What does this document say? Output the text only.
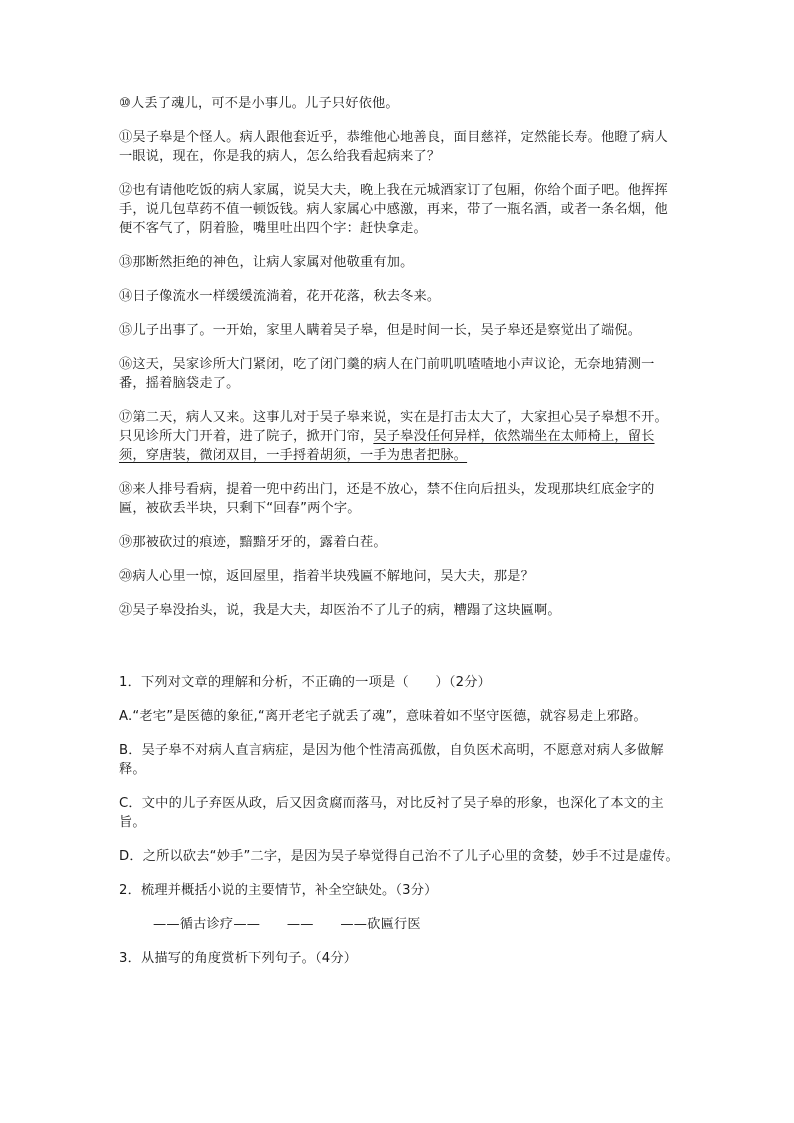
⑩人丢了魂儿，可不是小事儿。儿子只好依他。

⑪吴子皋是个怪人。病人跟他套近乎，恭维他心地善良，面目慈祥，定然能长寿。他瞪了病人一眼说，现在，你是我的病人，怎么给我看起病来了？

⑫也有请他吃饭的病人家属，说吴大夫，晚上我在元城酒家订了包厢，你给个面子吧。他挥挥手，说几包草药不值一顿饭钱。病人家属心中感激，再来，带了一瓶名酒，或者一条名烟，他便不客气了，阴着脸，嘴里吐出四个字：赶快拿走。

⑬那断然拒绝的神色，让病人家属对他敬重有加。

⑭日子像流水一样缓缓流淌着，花开花落，秋去冬来。

⑮儿子出事了。一开始，家里人瞒着吴子皋，但是时间一长，吴子皋还是察觉出了端倪。

⑯这天，吴家诊所大门紧闭，吃了闭门羹的病人在门前叽叽喳喳地小声议论，无奈地猜测一番，摇着脑袋走了。

⑰第二天，病人又来。这事儿对于吴子皋来说，实在是打击太大了，大家担心吴子皋想不开。只见诊所大门开着，进了院子，掀开门帘，吴子皋没任何异样，依然端坐在太师椅上，留长须，穿唐装，微闭双目，一手捋着胡须，一手为患者把脉。

⑱来人排号看病，提着一兜中药出门，还是不放心，禁不住向后扭头，发现那块红底金字的匾，被砍丢半块，只剩下“回春”两个字。

⑲那被砍过的痕迹，黯黯牙牙的，露着白茬。

⑳病人心里一惊，返回屋里，指着半块残匾不解地问，吴大夫，那是？

㉑吴子皋没抬头，说，我是大夫，却医治不了儿子的病，糟蹋了这块匾啊。

1．下列对文章的理解和分析，不正确的一项是（　　）（2分）

A.“老宅”是医德的象征,“离开老宅子就丢了魂”，意味着如不坚守医德，就容易走上邪路。

B．吴子皋不对病人直言病症，是因为他个性清高孤傲，自负医术高明，不愿意对病人多做解释。

C．文中的儿子弃医从政，后又因贪腐而落马，对比反衬了吴子皋的形象，也深化了本文的主旨。

D．之所以砍去“妙手”二字，是因为吴子皋觉得自己治不了儿子心里的贪婪，妙手不过是虚传。

2．梳理并概括小说的主要情节，补全空缺处。（3分）

——循古诊疗——　　——　　——砍匾行医

3．从描写的角度赏析下列句子。（4分）
